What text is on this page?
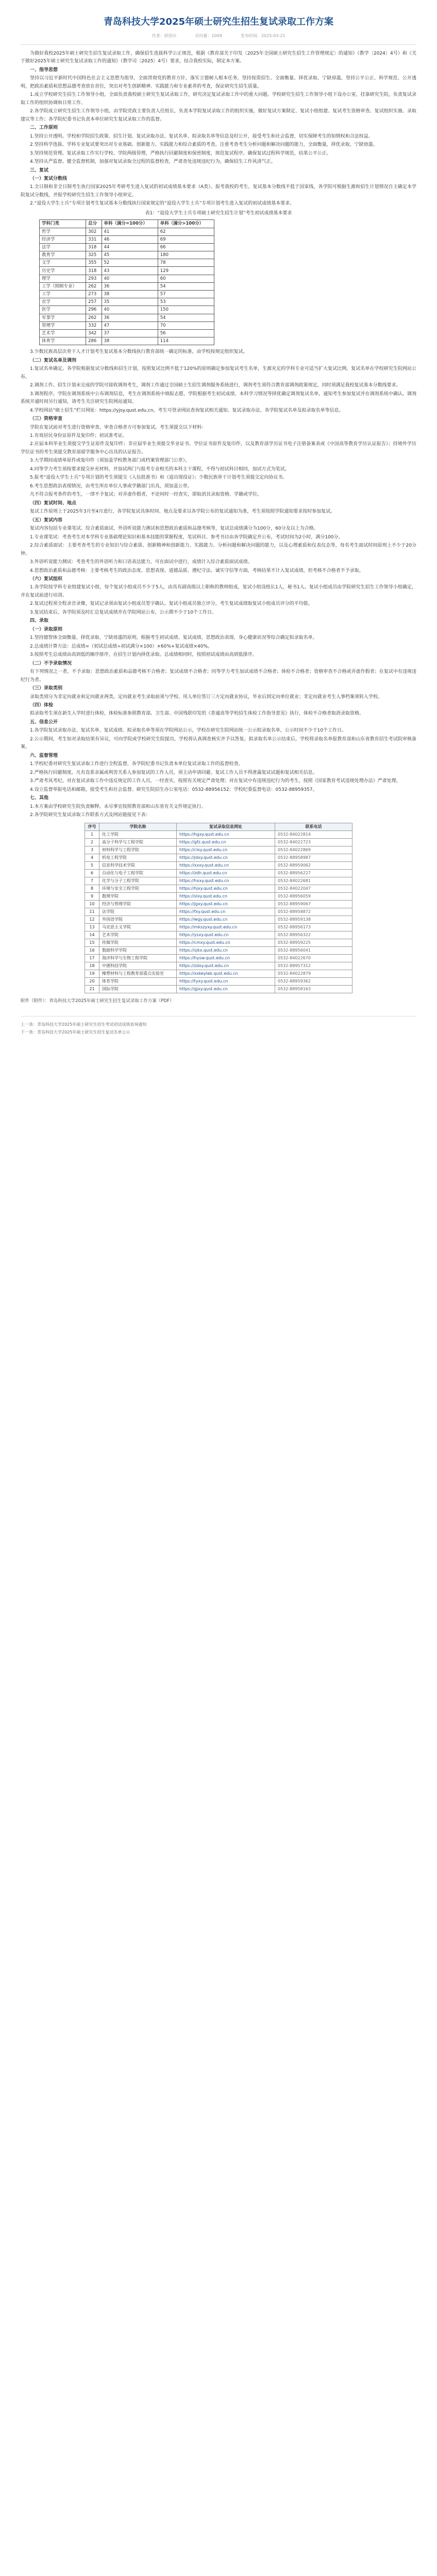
青岛科技大学2025年硕士研究生招生复试录取工作方案
作者：研招办	访问量：1009	发布时间：2025-03-21

为做好我校2025年硕士研究生招生复试录取工作，确保招生选拔科学公正规范，根据《教育部关于印发〈2025年全国硕士研究生招生工作管理规定〉的通知》（教学〔2024〕4号）和《关于做好2025年硕士研究生复试录取工作的通知》（教学司〔2025〕4号）要求，结合我校实际，制定本方案。

一、指导思想

坚持以习近平新时代中国特色社会主义思想为指导，全面贯彻党的教育方针，落实立德树人根本任务，坚持按需招生、全面衡量、择优录取、宁缺毋滥，坚持公平公正、科学规范、公开透明，把政治素质和思想品德考查放在首位，突出对考生创新精神、实践能力和专业素养的考查，保证研究生招生质量。

1.成立学校研究生招生工作领导小组，全面负责我校硕士研究生复试录取工作，研究决定复试录取工作中的重大问题。学校研究生招生工作领导小组下设办公室，挂靠研究生院，负责复试录取工作的组织协调和日常工作。

2.各学院成立研究生招生工作领导小组，由学院党政主要负责人任组长，负责本学院复试录取工作的组织实施，做好复试方案制定、复试小组组建、复试考生资格审查、复试组织实施、录取建议等工作；各学院纪委书记负责本单位研究生复试录取工作的监督。

二、工作原则

1.坚持公开透明。学校和学院招生政策、招生计划、复试录取办法、复试名单、拟录取名单等信息及时公开，接受考生和社会监督，切实保障考生的知情权和合法权益。

2.坚持科学选拔。学科专业复试要突出对专业基础、创新能力、实践能力和综合素质的考查，注重考查考生分析问题和解决问题的能力，全面衡量，择优录取，宁缺毋滥。

3.坚持规范管理。复试录取工作实行学校、学院两级管理，严格执行回避制度和保密制度，规范复试程序，确保复试过程科学规范，结果公平公正。

4.坚持从严监督。健全监督机制，加强对复试录取全过程的监督检查，严肃查处违规违纪行为，确保招生工作风清气正。

三、复试

（一）复试分数线

1.全日制和非全日制考生执行国家2025年考研考生进入复试的初试成绩基本要求（A类）。报考我校的考生，复试基本分数线不低于国家线，各学院可根据生源和招生计划情况自主确定本学院复试分数线，并报学校研究生招生工作领导小组审定。

2.“退役大学生士兵”专项计划考生复试基本分数线执行国家规定的“退役大学生士兵”专项计划考生进入复试的初试成绩基本要求。

表1：“退役大学生士兵专项硕士研究生招生计划”考生初试成绩基本要求

学科门类	总分	单科（满分=100分）	单科（满分>100分）
哲学	302	41	62
经济学	331	46	69
法学	318	44	66
教育学	325	45	180
文学	355	52	78
历史学	318	43	129
理学	293	40	60
工学（照顾专业）	262	36	54
工学	273	38	57
农学	257	35	53
医学	296	40	150
军事学	262	36	54
管理学	332	47	70
艺术学	342	37	56
体育学	286	38	114

3.少数民族高层次骨干人才计划考生复试基本分数线执行教育部统一确定的标准，由学校按规定组织复试。

（二）复试名单及调剂

1.复试名单确定。各学院根据复试分数线和招生计划，按照复试比例不低于120%的原则确定参加复试考生名单，生源充足的学科专业可适当扩大复试比例。复试名单在学校研究生院网站公布。

2.调剂工作。招生计划未完成的学院可接收调剂考生，调剂工作通过全国硕士生招生调剂服务系统进行，调剂考生须符合教育部调剂政策规定，同时须满足我校复试基本分数线要求。

3.调剂程序。学院在调剂系统中公布调剂信息，考生在调剂系统中填报志愿，学院根据考生初试成绩、本科学习情况等择优确定调剂复试名单，通知考生参加复试并在调剂系统中确认。调剂系统开通时间另行通知，请考生关注研究生院网站通知。

4.学校网站“硕士招生”栏目网址：https://yjsy.qust.edu.cn，考生可登录网站查询复试相关通知、复试录取办法、各学院复试名单及拟录取名单等信息。

（三）资格审查

学院在复试前对考生进行资格审查，审查合格者方可参加复试。考生须提交以下材料：

1.有效居民身份证原件及复印件；初试准考证。

2.应届本科毕业生须提交学生证原件及复印件；非应届毕业生须提交毕业证书、学位证书原件及复印件，以及教育部学历证书电子注册备案表或《中国高等教育学历认证报告》；持境外学历学位证书的考生须提交教育部留学服务中心出具的认证报告。

3.大学期间成绩单原件或复印件（须加盖学校教务部门或档案管理部门公章）。

4.同等学力考生须按要求提交补充材料，并加试两门与报考专业相关的本科主干课程，不得与初试科目相同，加试方式为笔试。

5.报考“退役大学生士兵”专项计划的考生须提交《入伍批准书》和《退出现役证》；少数民族骨干计划考生须提交定向协议书。

6.考生思想政治表现情况，由考生所在单位人事或学籍部门出具，须加盖公章。

凡不符合报考条件的考生，一律不予复试；对弄虚作假者，不论何时一经查实，即取消其录取资格、学籍或学位。

（四）复试时间、地点

复试工作原则上于2025年3月至4月进行，各学院复试具体时间、地点及要求以各学院公布的复试通知为准，考生须按照学院通知要求按时参加复试。

（五）复试内容

复试内容包括专业课笔试、综合素质面试、外语听说能力测试和思想政治素质和品德考核等，复试总成绩满分为100分，60分及以上为合格。

1.专业课笔试：考查考生对本学科专业基础理论知识和基本技能的掌握程度，笔试科目、参考书目由各学院确定并公布，考试时间为2小时，满分100分。

2.综合素质面试：主要考查考生的专业知识与综合素质、创新精神和创新能力、实践能力、分析问题和解决问题的能力，以及心理素质和仪表仪态等，每名考生面试时间原则上不少于20分钟。

3.外语听说能力测试：考查考生的外语听力和口语表达能力，可在面试中进行，成绩计入综合素质面试成绩。

4.思想政治素质和品德考核：主要考核考生的政治态度、思想表现、道德品质、遵纪守法、诚实守信等方面，考核结果不计入复试成绩，但考核不合格者不予录取。

（六）复试组织

1.各学院按学科专业组建复试小组，每个复试小组成员不少于5人，由具有副高级以上职称的教师组成，复试小组设组长1人，秘书1人。复试小组成员由学院研究生招生工作领导小组确定，并在复试前进行培训。

2.复试过程须全程录音录像，复试记录须由复试小组成员签字确认。复试小组成员独立评分，考生复试成绩取复试小组成员评分的平均值。

3.复试结束后，各学院须及时汇总复试成绩并在学院网站公布，公示期不少于10个工作日。

四、录取

（一）录取原则

1.坚持德智体全面衡量、择优录取、宁缺毋滥的原则，根据考生初试成绩、复试成绩、思想政治表现、身心健康状况等综合确定拟录取名单。

2.总成绩计算方法：总成绩=（初试总成绩÷初试满分×100）×60%+复试成绩×40%。

3.按照考生总成绩由高到低的顺序排序，在招生计划内择优录取。总成绩相同时，按照初试成绩由高到低排序。

（二）不予录取情况

有下列情况之一者，不予录取：思想政治素质和品德考核不合格者；复试成绩不合格者；同等学力考生加试成绩不合格者；体检不合格者；资格审查不合格或弄虚作假者；在复试中有违规违纪行为者。

（三）录取类别

录取类别分为非定向就业和定向就业两类。定向就业考生录取前须与学校、用人单位签订三方定向就业协议，毕业后到定向单位就业；非定向就业考生人事档案须转入学校。

（四）体检

拟录取考生须在新生入学时进行体检，体检标准参照教育部、卫生部、中国残联印发的《普通高等学校招生体检工作指导意见》执行，体检不合格者取消录取资格。

五、信息公开

1.各学院复试录取办法、复试名单、复试成绩、拟录取名单等须在学院网站公示，学校在研究生院网站统一公示拟录取名单，公示时间不少于10个工作日。

2.公示期间，考生如对录取结果有异议，可向学院或学校研究生院提出，学校将认真调查核实并予以答复。拟录取名单公示结束后，学校将录取名单报教育部和山东省教育招生考试院审核备案。

六、监督管理

1.学校纪委对研究生复试录取工作进行全程监督，各学院纪委书记负责本单位复试录取工作的监督检查。

2.严格执行回避制度。凡有直系亲属或利害关系人参加复试的工作人员，须主动申请回避。复试工作人员不得泄露复试试题和复试相关信息。

3.严肃考风考纪。对在复试录取工作中违反规定的工作人员，一经查实，按照有关规定严肃处理；对在复试中有违规违纪行为的考生，按照《国家教育考试违规处理办法》严肃处理。

4.设立监督举报电话和邮箱，接受考生和社会监督。研究生院招生办公室电话：0532-88956152；学校纪委监督电话：0532-88959357。

七、其他

1.本方案由学校研究生院负责解释。未尽事宜按照教育部和山东省有关文件规定执行。

2.各学院研究生复试录取工作联系方式及网站链接见下表：

序号	学院名称	复试录取信息网址	联系电话
1	化工学院	https://hgxy.qust.edu.cn	0532-84022814
2	高分子科学与工程学院	https://gfz.qust.edu.cn	0532-84022723
3	材料科学与工程学院	https://clxy.qust.edu.cn	0532-84022869
4	机电工程学院	https://jdxy.qust.edu.cn	0532-88958987
5	信息科学技术学院	https://xxxy.qust.edu.cn	0532-88959062
6	自动化与电子工程学院	https://zdh.qust.edu.cn	0532-88956227
7	化学与分子工程学院	https://hxxy.qust.edu.cn	0532-84022681
8	环境与安全工程学院	https://hjxy.qust.edu.cn	0532-84022047
9	数理学院	https://slxy.qust.edu.cn	0532-88956059
10	经济与管理学院	https://jgxy.qust.edu.cn	0532-88959067
11	法学院	https://fxy.qust.edu.cn	0532-88958872
12	外国语学院	https://wgy.qust.edu.cn	0532-88959138
13	马克思主义学院	https://mkszyxy.qust.edu.cn	0532-88956173
14	艺术学院	https://ysxy.qust.edu.cn	0532-88956322
15	传媒学院	https://cmxy.qust.edu.cn	0532-88959225
16	数据科学学院	https://sjkx.qust.edu.cn	0532-88956041
17	海洋科学与生物工程学院	https://hysw.qust.edu.cn	0532-84022670
18	中德科技学院	https://zdxy.qust.edu.cn	0532-88957312
19	橡塑材料与工程教育部重点实验室	https://xskeylab.qust.edu.cn	0532-84022879
20	体育学院	https://tyxy.qust.edu.cn	0532-88959362
21	国际学院	https://gjxy.qust.edu.cn	0532-88958163
附件（附件）：青岛科技大学2025年硕士研究生招生复试录取工作方案（PDF）
上一条：青岛科技大学2025年硕士研究生招生考试初试成绩查询通知
下一条：青岛科技大学2025年硕士研究生招生复试名单公示
